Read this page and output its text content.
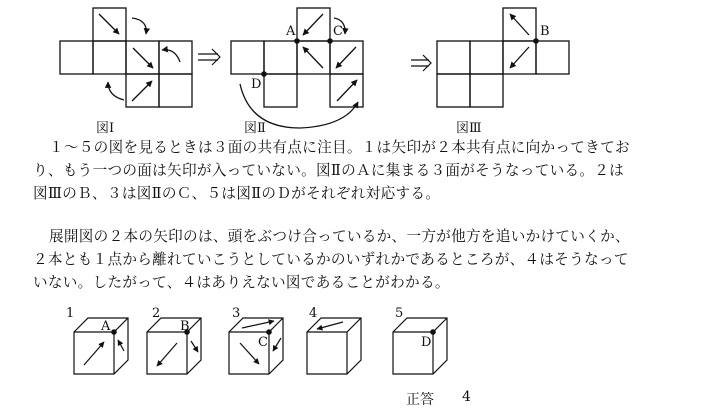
A	C
D
B
図Ⅰ	図Ⅱ	図Ⅲ
１～５の図を見るときは３面の共有点に注目。１は矢印が２本共有点に向かってきてお
り、もう一つの面は矢印が入っていない。図ⅡのＡに集まる３面がそうなっている。２は
図ⅢのＢ、３は図ⅡのＣ、５は図ⅡのＤがそれぞれ対応する。
展開図の２本の矢印のは、頭をぶつけ合っているか、一方が他方を追いかけていくか、
２本とも１点から離れていこうとしているかのいずれかであるところが、４はそうなって
いない。したがって、４はありえない図であることがわかる。
1	2	3	4	5
A	B
C	D
正答 4
